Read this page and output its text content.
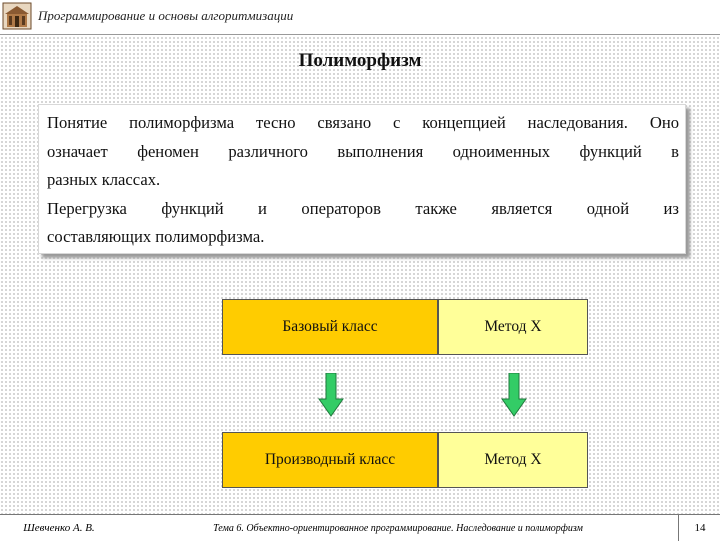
Программирование и основы алгоритмизации
Полиморфизм

Понятие полиморфизма тесно связано с концепцией наследования. Оно

означает феномен различного выполнения одноименных функций в

разных классах.

Перегрузка функций и операторов также является одной из

составляющих полиморфизма.

Базовый класс	Метод X
Производный класс	Метод X
Шевченко А. В.	Тема 6. Объектно-ориентированное программирование. Наследование и полиморфизм	14
